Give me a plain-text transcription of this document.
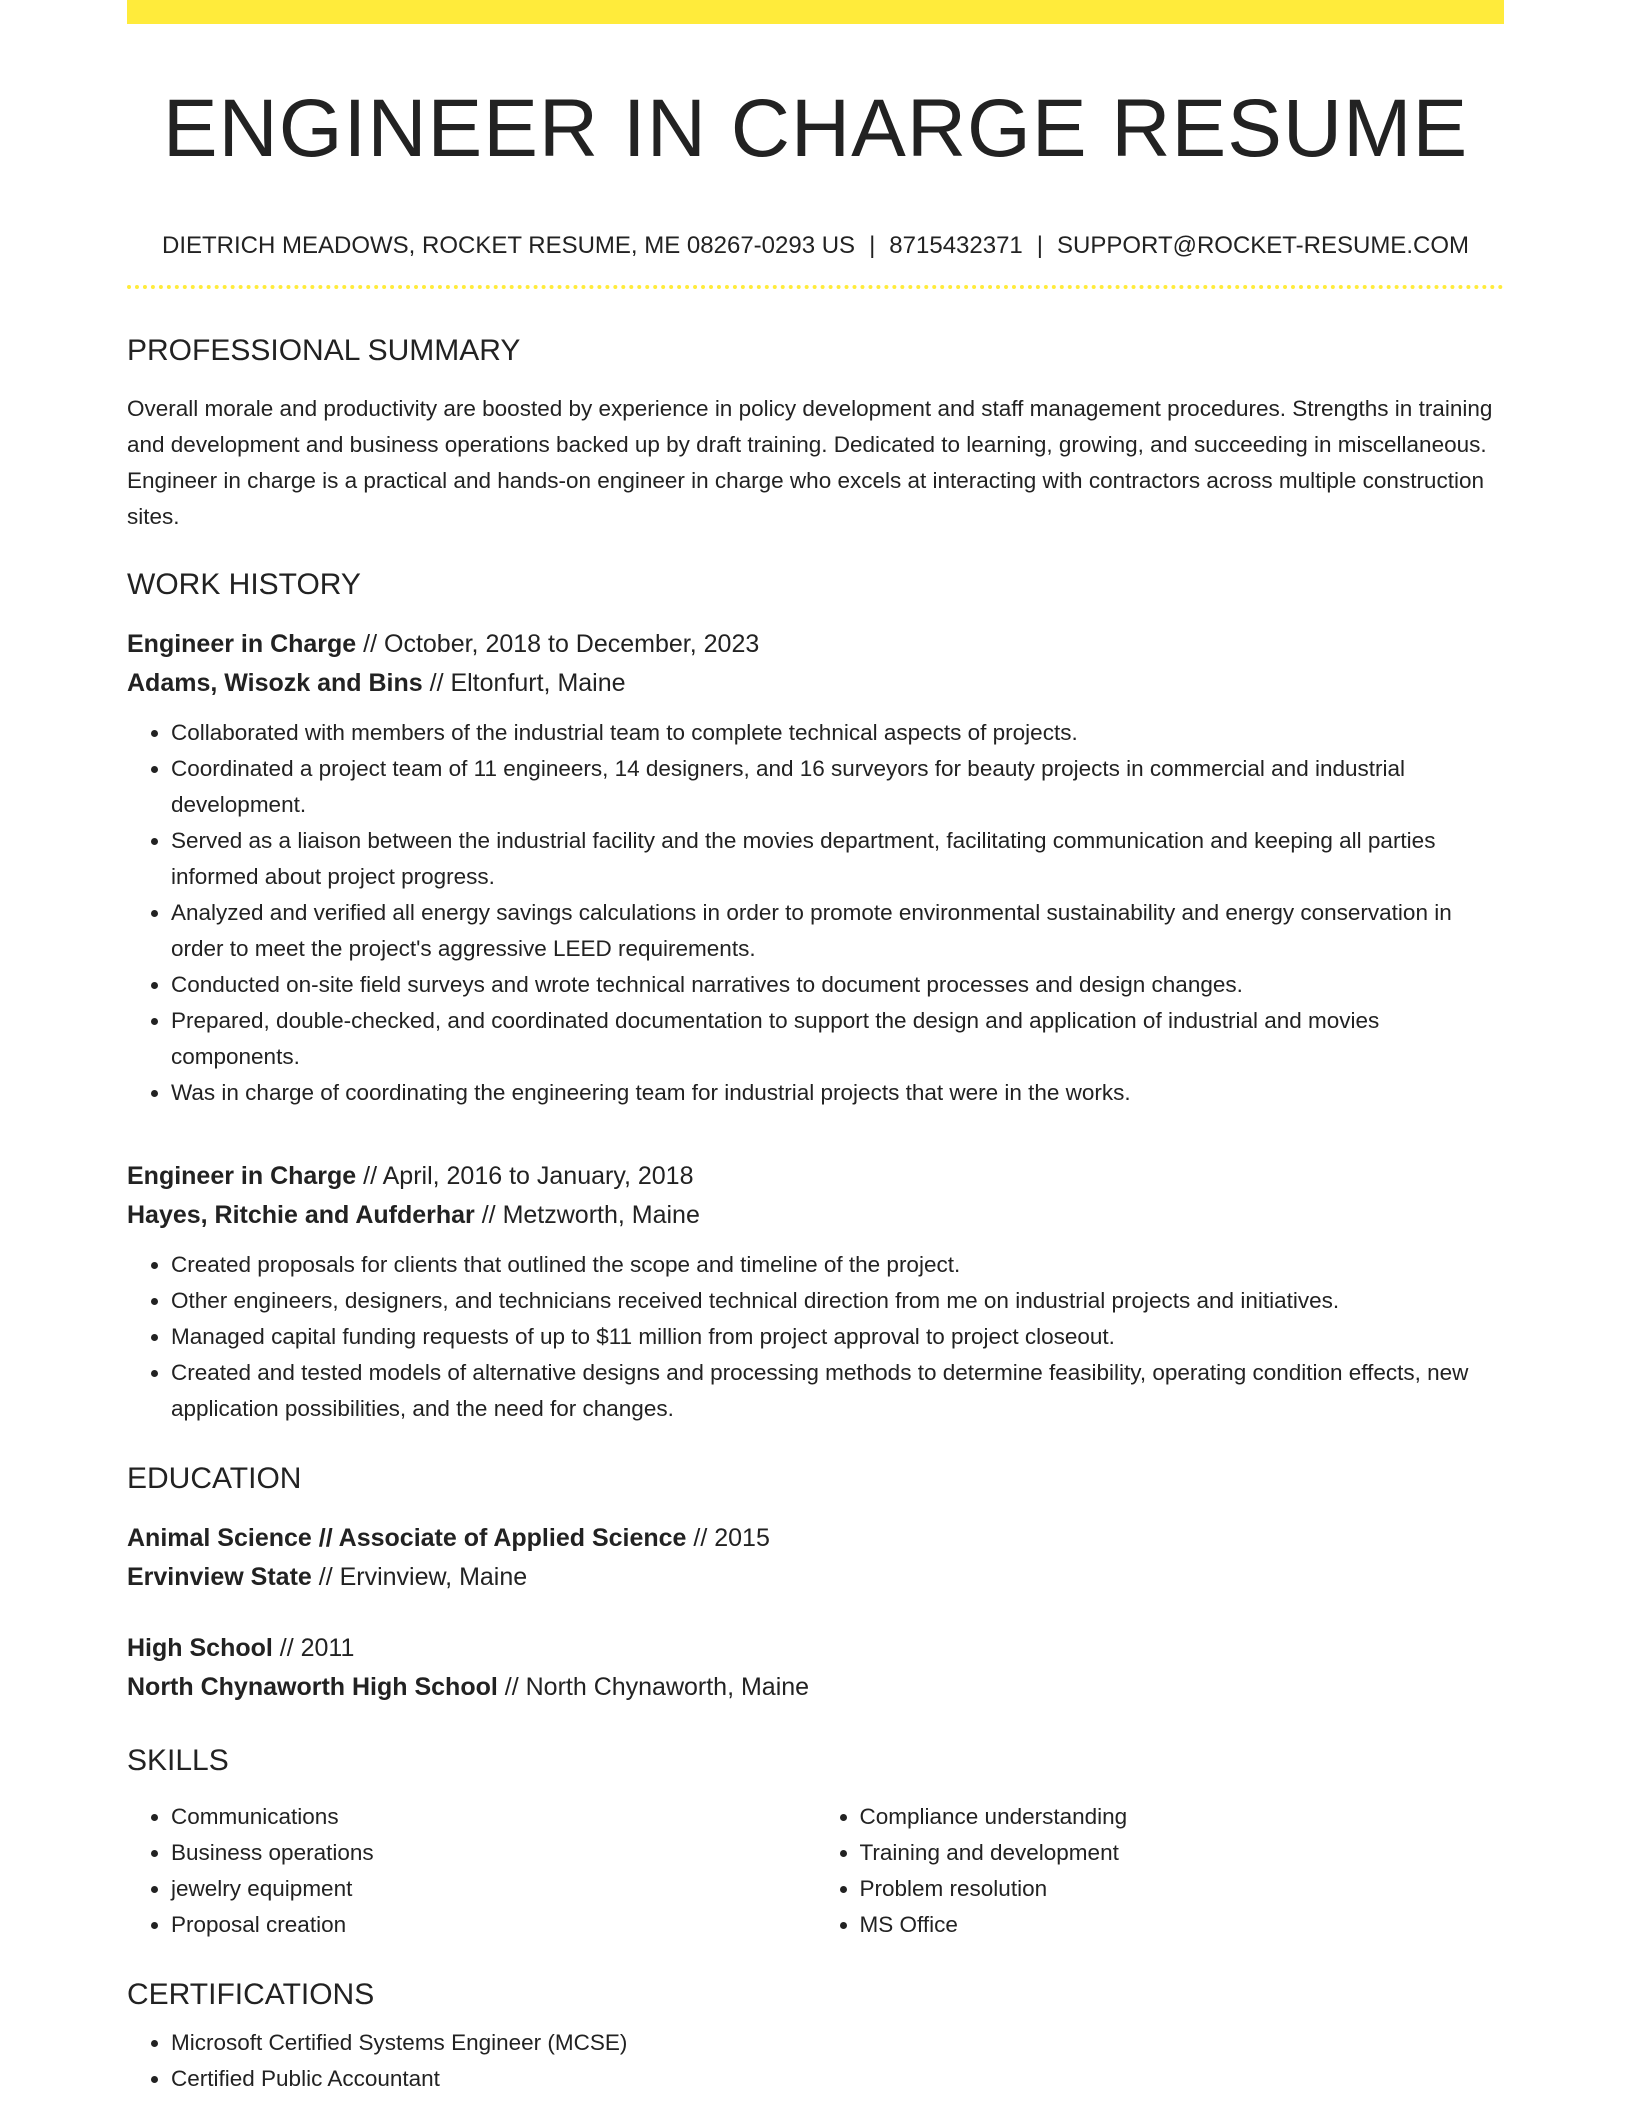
ENGINEER IN CHARGE RESUME
DIETRICH MEADOWS, ROCKET RESUME, ME 08267-0293 US | 8715432371 | SUPPORT@ROCKET-RESUME.COM
PROFESSIONAL SUMMARY
Overall morale and productivity are boosted by experience in policy development and staff management procedures. Strengths in training and development and business operations backed up by draft training. Dedicated to learning, growing, and succeeding in miscellaneous. Engineer in charge is a practical and hands-on engineer in charge who excels at interacting with contractors across multiple construction sites.
WORK HISTORY
Engineer in Charge // October, 2018 to December, 2023
Adams, Wisozk and Bins // Eltonfurt, Maine
• Collaborated with members of the industrial team to complete technical aspects of projects.
• Coordinated a project team of 11 engineers, 14 designers, and 16 surveyors for beauty projects in commercial and industrial development.
• Served as a liaison between the industrial facility and the movies department, facilitating communication and keeping all parties informed about project progress.
• Analyzed and verified all energy savings calculations in order to promote environmental sustainability and energy conservation in order to meet the project's aggressive LEED requirements.
• Conducted on-site field surveys and wrote technical narratives to document processes and design changes.
• Prepared, double-checked, and coordinated documentation to support the design and application of industrial and movies components.
• Was in charge of coordinating the engineering team for industrial projects that were in the works.
Engineer in Charge // April, 2016 to January, 2018
Hayes, Ritchie and Aufderhar // Metzworth, Maine
• Created proposals for clients that outlined the scope and timeline of the project.
• Other engineers, designers, and technicians received technical direction from me on industrial projects and initiatives.
• Managed capital funding requests of up to $11 million from project approval to project closeout.
• Created and tested models of alternative designs and processing methods to determine feasibility, operating condition effects, new application possibilities, and the need for changes.
EDUCATION
Animal Science // Associate of Applied Science // 2015
Ervinview State // Ervinview, Maine
High School // 2011
North Chynaworth High School // North Chynaworth, Maine
SKILLS
• Communications
• Business operations
• jewelry equipment
• Proposal creation
• Compliance understanding
• Training and development
• Problem resolution
• MS Office
CERTIFICATIONS
• Microsoft Certified Systems Engineer (MCSE)
• Certified Public Accountant
